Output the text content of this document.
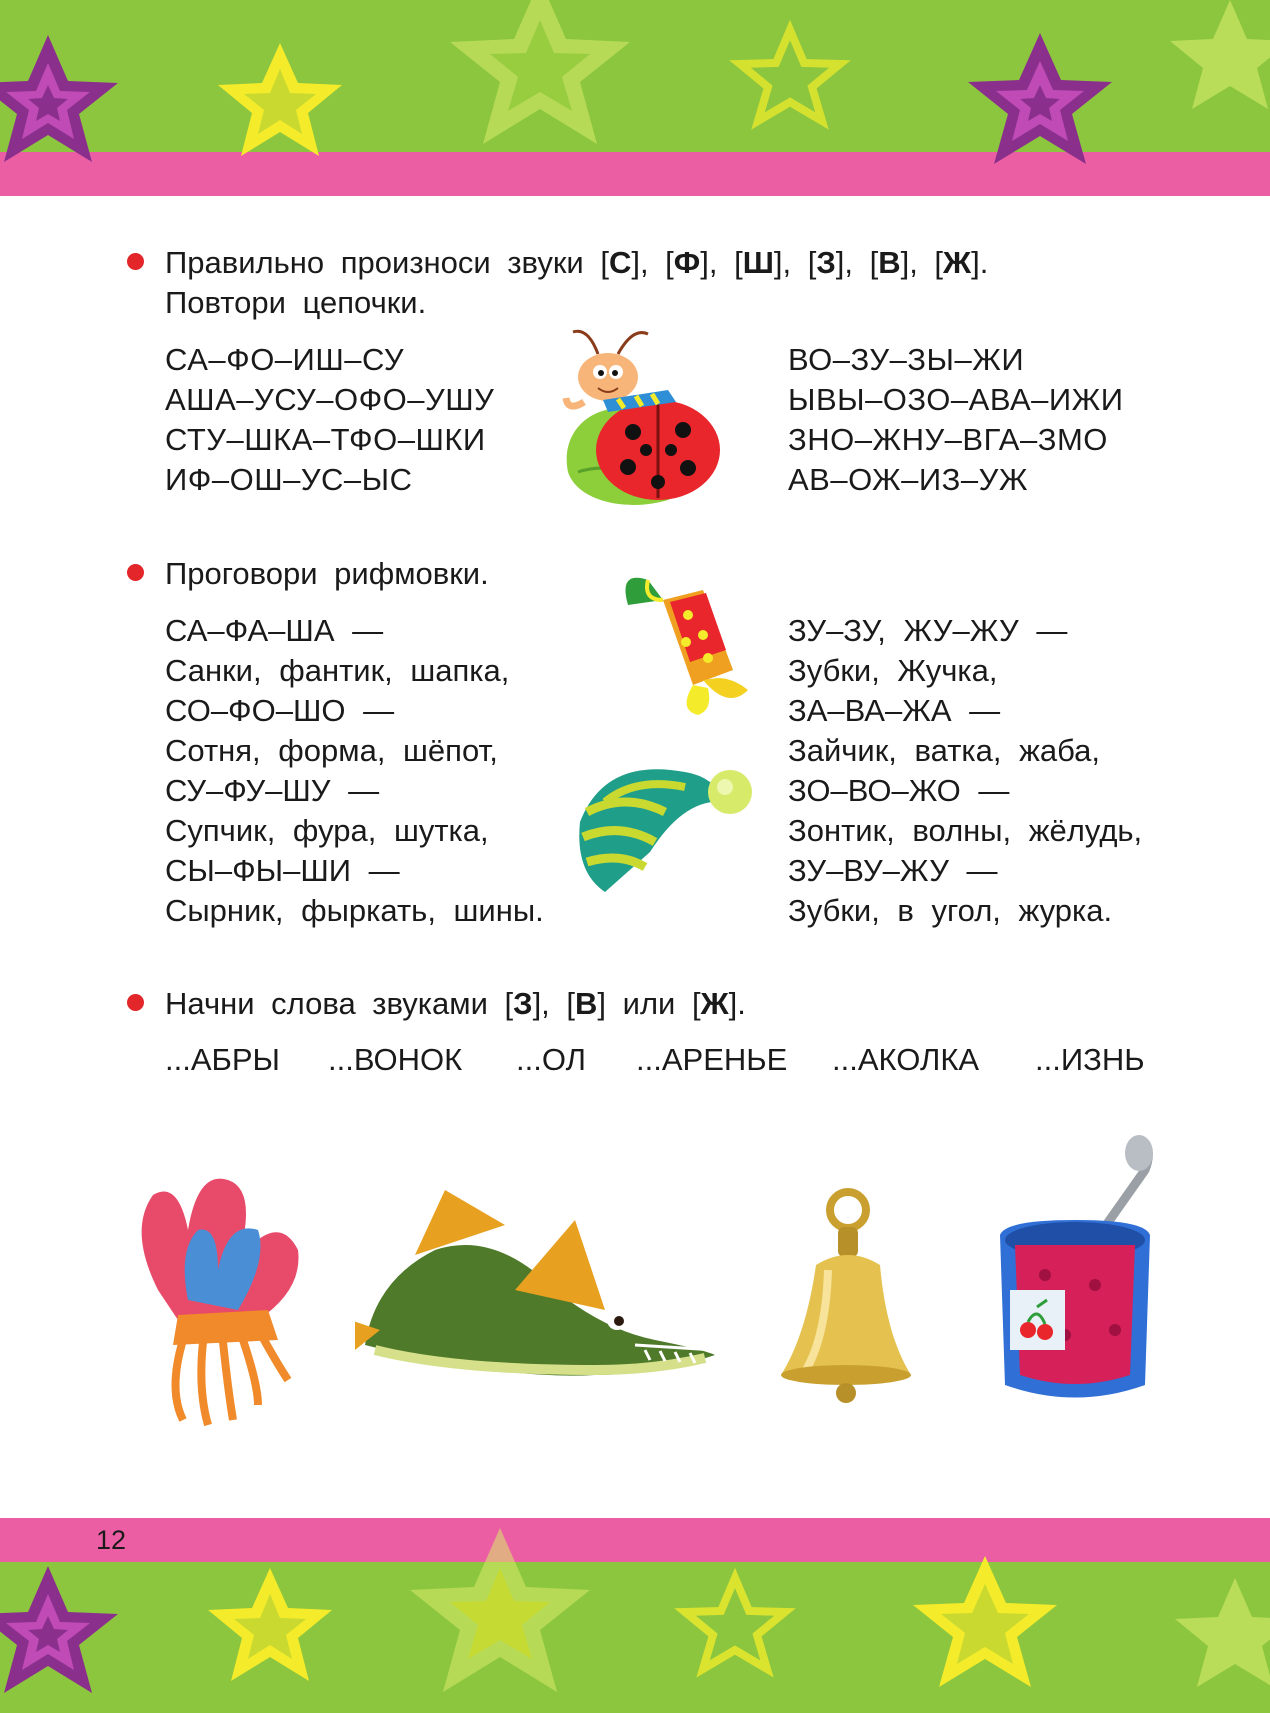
Правильно произноси звуки [С], [Ф], [Ш], [З], [В], [Ж].
Повтори цепочки.
СА–ФО–ИШ–СУ
АША–УСУ–ОФО–УШУ
СТУ–ШКА–ТФО–ШКИ
ИФ–ОШ–УС–ЫС
ВО–ЗУ–ЗЫ–ЖИ
ЫВЫ–ОЗО–АВА–ИЖИ
ЗНО–ЖНУ–ВГА–ЗМО
АВ–ОЖ–ИЗ–УЖ
Проговори рифмовки.
СА–ФА–ША —
Санки, фантик, шапка,
СО–ФО–ШО —
Сотня, форма, шёпот,
СУ–ФУ–ШУ —
Супчик, фура, шутка,
СЫ–ФЫ–ШИ —
Сырник, фыркать, шины.
ЗУ–ЗУ, ЖУ–ЖУ —
Зубки, Жучка,
ЗА–ВА–ЖА —
Зайчик, ватка, жаба,
ЗО–ВО–ЖО —
Зонтик, волны, жёлудь,
ЗУ–ВУ–ЖУ —
Зубки, в угол, журка.
Начни слова звуками [З], [В] или [Ж].
...АБРЫ ...ВОНОК ...ОЛ ...АРЕНЬЕ ...АКОЛКА ...ИЗНЬ
12
